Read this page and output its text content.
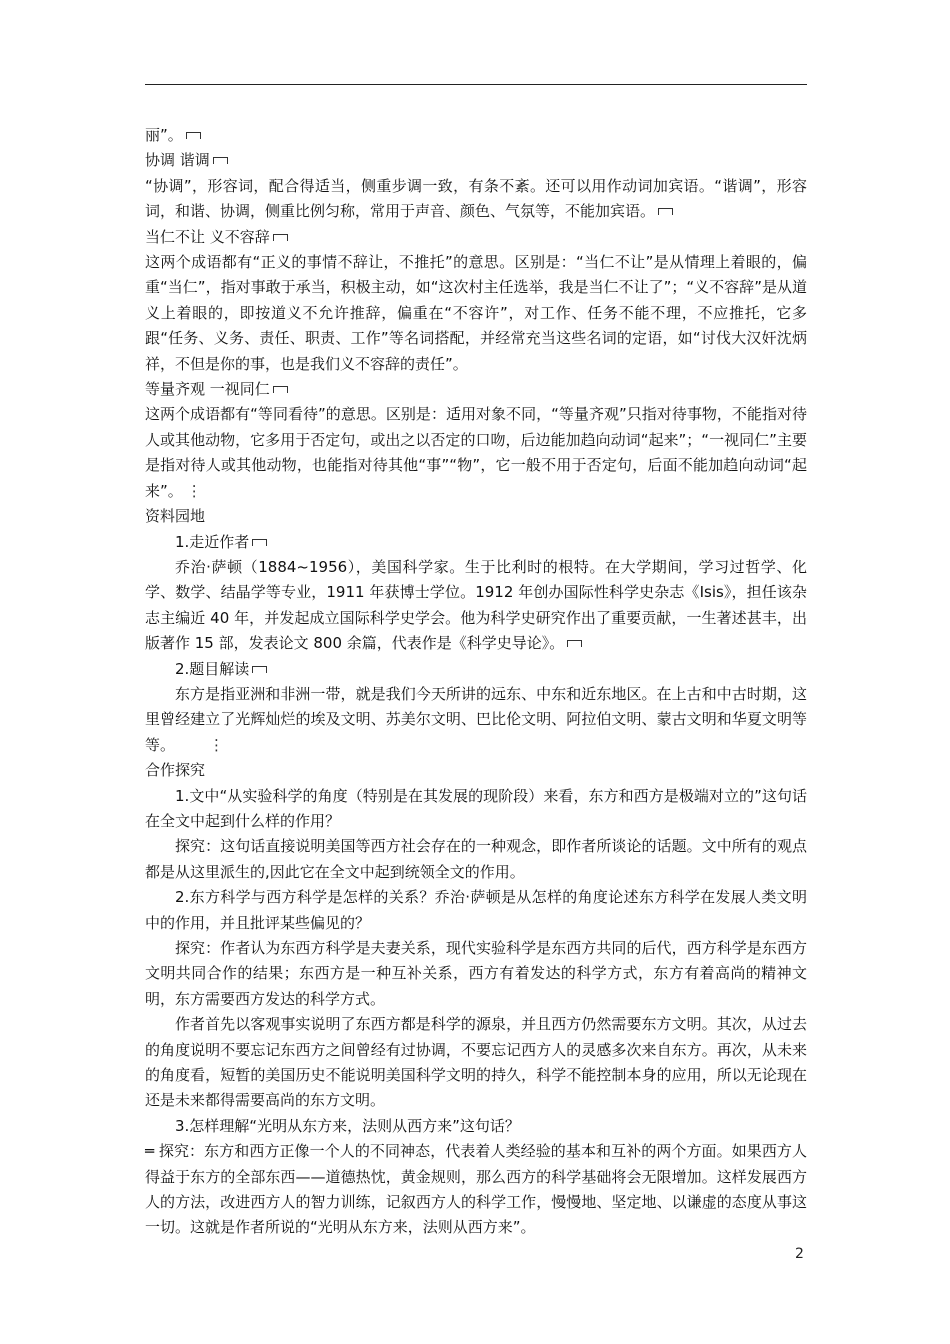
丽”。

协调 谐调

“协调”，形容词，配合得适当，侧重步调一致，有条不紊。还可以用作动词加宾语。“谐调”，形容词，和谐、协调，侧重比例匀称，常用于声音、颜色、气氛等，不能加宾语。

当仁不让 义不容辞

这两个成语都有“正义的事情不辞让，不推托”的意思。区别是：“当仁不让”是从情理上着眼的，偏重“当仁”，指对事敢于承当，积极主动，如“这次村主任选举，我是当仁不让了”；“义不容辞”是从道义上着眼的，即按道义不允许推辞，偏重在“不容许”，对工作、任务不能不理，不应推托，它多跟“任务、义务、责任、职责、工作”等名词搭配，并经常充当这些名词的定语，如“讨伐大汉奸沈炳祥，不但是你的事，也是我们义不容辞的责任”。

等量齐观 一视同仁

这两个成语都有“等同看待”的意思。区别是：适用对象不同，“等量齐观”只指对待事物，不能指对待人或其他动物，它多用于否定句，或出之以否定的口吻，后边能加趋向动词“起来”；“一视同仁”主要是指对待人或其他动物，也能指对待其他“事”“物”，它一般不用于否定句，后面不能加趋向动词“起来”。 ⋮

资料园地

1.走近作者

乔治·萨顿（1884~1956），美国科学家。生于比利时的根特。在大学期间，学习过哲学、化学、数学、结晶学等专业，1911 年获博士学位。1912 年创办国际性科学史杂志《Isis》，担任该杂志主编近 40 年，并发起成立国际科学史学会。他为科学史研究作出了重要贡献，一生著述甚丰，出版著作 15 部，发表论文 800 余篇，代表作是《科学史导论》。

2.题目解读

东方是指亚洲和非洲一带，就是我们今天所讲的远东、中东和近东地区。在上古和中古时期，这里曾经建立了光辉灿烂的埃及文明、苏美尔文明、巴比伦文明、阿拉伯文明、蒙古文明和华夏文明等等。 ⋮

合作探究

1.文中“从实验科学的角度（特别是在其发展的现阶段）来看，东方和西方是极端对立的”这句话在全文中起到什么样的作用？

探究：这句话直接说明美国等西方社会存在的一种观念，即作者所谈论的话题。文中所有的观点都是从这里派生的,因此它在全文中起到统领全文的作用。

2.东方科学与西方科学是怎样的关系？乔治·萨顿是从怎样的角度论述东方科学在发展人类文明中的作用，并且批评某些偏见的？

探究：作者认为东西方科学是夫妻关系，现代实验科学是东西方共同的后代，西方科学是东西方文明共同合作的结果；东西方是一种互补关系，西方有着发达的科学方式，东方有着高尚的精神文明，东方需要西方发达的科学方式。

作者首先以客观事实说明了东西方都是科学的源泉，并且西方仍然需要东方文明。其次，从过去的角度说明不要忘记东西方之间曾经有过协调，不要忘记西方人的灵感多次来自东方。再次，从未来的角度看，短暂的美国历史不能说明美国科学文明的持久，科学不能控制本身的应用，所以无论现在还是未来都得需要高尚的东方文明。

3.怎样理解“光明从东方来，法则从西方来”这句话？

═ 探究：东方和西方正像一个人的不同神态，代表着人类经验的基本和互补的两个方面。如果西方人得益于东方的全部东西——道德热忱，黄金规则，那么西方的科学基础将会无限增加。这样发展西方人的方法，改进西方人的智力训练，记叙西方人的科学工作，慢慢地、坚定地、以谦虚的态度从事这一切。这就是作者所说的“光明从东方来，法则从西方来”。

2
